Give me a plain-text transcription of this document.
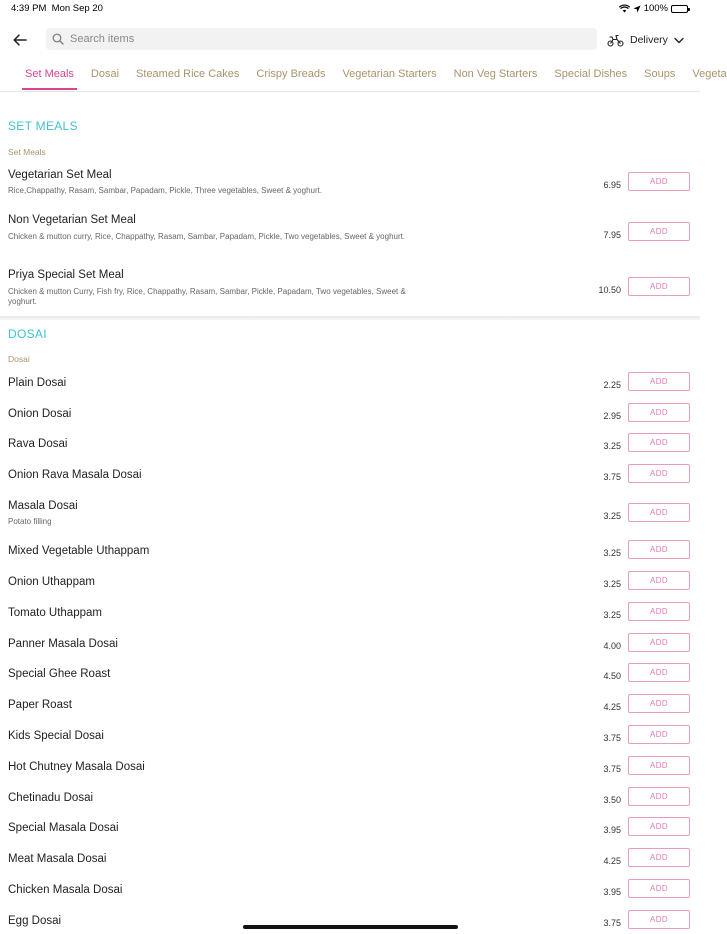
4:39 PM Mon Sep 20	100%
Search items
Delivery
Set Meals Dosai Steamed Rice Cakes Crispy Breads Vegetarian Starters Non Veg Starters Special Dishes Soups Vegeta
SET MEALS
Set Meals
Vegetarian Set Meal
Rice,Chappathy, Rasam, Sambar, Papadam, Pickle, Three vegetables, Sweet & yoghurt.
6.95	ADD
Non Vegetarian Set Meal
Chicken & mutton curry, Rice, Chappathy, Rasam, Sambar, Papadam, Pickle, Two vegetables, Sweet & yoghurt.	7.95	ADD
Priya Special Set Meal
Chicken & mutton Curry, Fish fry, Rice, Chappathy, Rasam, Sambar, Pickle, Papadam, Two vegetables, Sweet & yoghurt.
10.50	ADD
DOSAI
Dosai
Plain Dosai	2.25	ADD
Onion Dosai	2.95	ADD
Rava Dosai	3.25	ADD
Onion Rava Masala Dosai	3.75	ADD
Masala Dosai
Potato filling
3.25	ADD
Mixed Vegetable Uthappam	3.25	ADD
Onion Uthappam	3.25	ADD
Tomato Uthappam	3.25	ADD
Panner Masala Dosai	4.00	ADD
Special Ghee Roast	4.50	ADD
Paper Roast	4.25	ADD
Kids Special Dosai	3.75	ADD
Hot Chutney Masala Dosai	3.75	ADD
Chetinadu Dosai	3.50	ADD
Special Masala Dosai	3.95	ADD
Meat Masala Dosai	4.25	ADD
Chicken Masala Dosai	3.95	ADD
Egg Dosai	3.75	ADD
